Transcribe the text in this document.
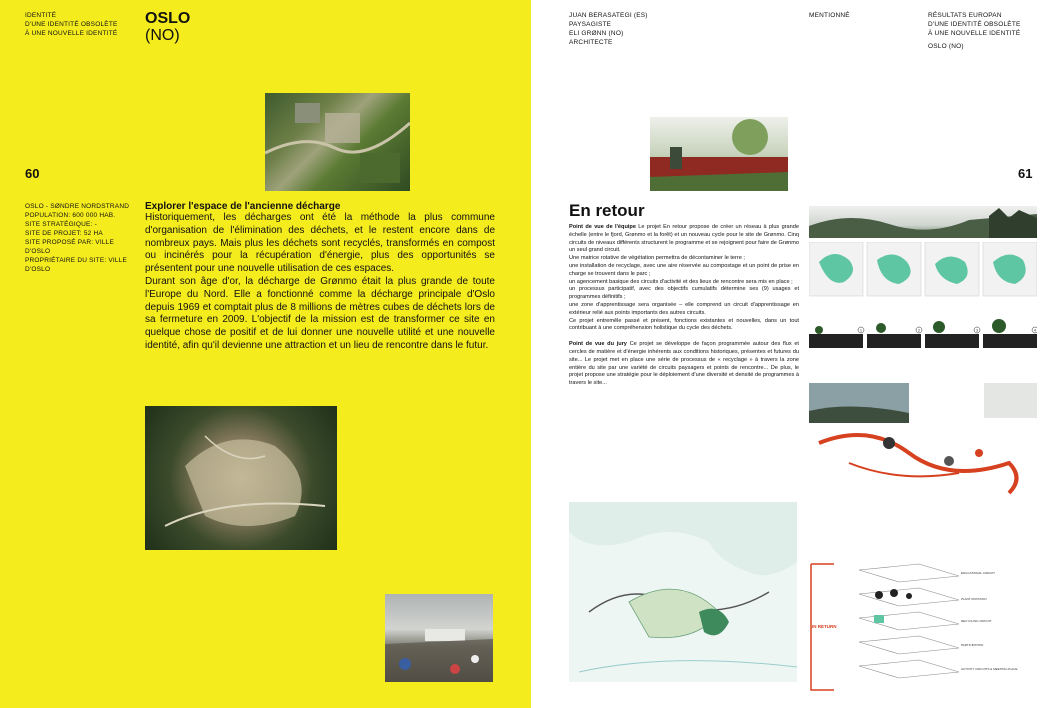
IDENTITÉ
D'UNE IDENTITÉ OBSOLÈTE
À UNE NOUVELLE IDENTITÉ
OSLO
(NO)
60
OSLO - SØNDRE NORDSTRAND
POPULATION: 600 000 HAB.
SITE STRATÉGIQUE: -
SITE DE PROJET: 52 HA
SITE PROPOSÉ PAR: VILLE D'OSLO
PROPRIÉTAIRE DU SITE: VILLE
D'OSLO
Explorer l'espace de l'ancienne décharge

Historiquement, les décharges ont été la méthode la plus commune d'organisation de l'élimination des déchets, et le restent encore dans de nombreux pays. Mais plus les déchets sont recyclés, transformés en compost ou incinérés pour la récupération d'énergie, plus des opportunités se présentent pour une nouvelle utilisation de ces espaces.

Durant son âge d'or, la décharge de Grønmo était la plus grande de toute l'Europe du Nord. Elle a fonctionné comme la décharge principale d'Oslo depuis 1969 et comptait plus de 8 millions de mètres cubes de déchets lors de sa fermeture en 2009. L'objectif de la mission est de transformer ce site en quelque chose de positif et de lui donner une nouvelle utilité et une nouvelle identité, afin qu'il devienne une attraction et un lieu de rencontre dans le futur.

JUAN BERASATEGI (ES)
PAYSAGISTE
ELI GRØNN (NO)
ARCHITECTE
MENTIONNÉ	RÉSULTATS EUROPAN
D'UNE IDENTITÉ OBSOLÈTE
À UNE NOUVELLE IDENTITÉ
OSLO (NO)
61
En retour

Point de vue de l'équipe Le projet En retour propose de créer un réseau à plus grande échelle (entre le fjord, Grønmo et la forêt) et un nouveau cycle pour le site de Grønmo. Cinq circuits de niveaux différents structurent le programme et se rejoignent pour faire de Grønmo un seul grand circuit.

Une matrice rotative de végétation permettra de décontaminer le terre ;

une installation de recyclage, avec une aire réservée au compostage et un point de prise en charge se trouvent dans le parc ;

un agencement basique des circuits d'activité et des lieux de rencontre sera mis en place ;

un processus participatif, avec des objectifs cumulatifs détermine ses (9) usages et programmes définitifs ;

une zone d'apprentissage sera organisée – elle comprend un circuit d'apprentissage en extérieur relié aux points importants des autres circuits.

Ce projet entremêle passé et présent, fonctions existantes et nouvelles, dans un tout contribuant à une compréhension holistique du cycle des déchets.

Point de vue du jury Ce projet se développe de façon programmée autour des flux et cercles de matière et d'énergie inhérents aux conditions historiques, présentes et futures du site... Le projet met en place une série de processus de « recyclage » à travers la zone entière du site par une variété de circuits paysagers et points de rencontre... De plus, le projet propose une stratégie pour le déploiement d'une diversité et densité de programmes à travers le site...

1	2	3	4
IN RETURN
EDUCATIONAL CIRCUIT
PLANT ROTATION
RECYCLING CIRCUIT
PARTICIPATION
ACTIVITY CIRCUITS & MEETING PLACE
